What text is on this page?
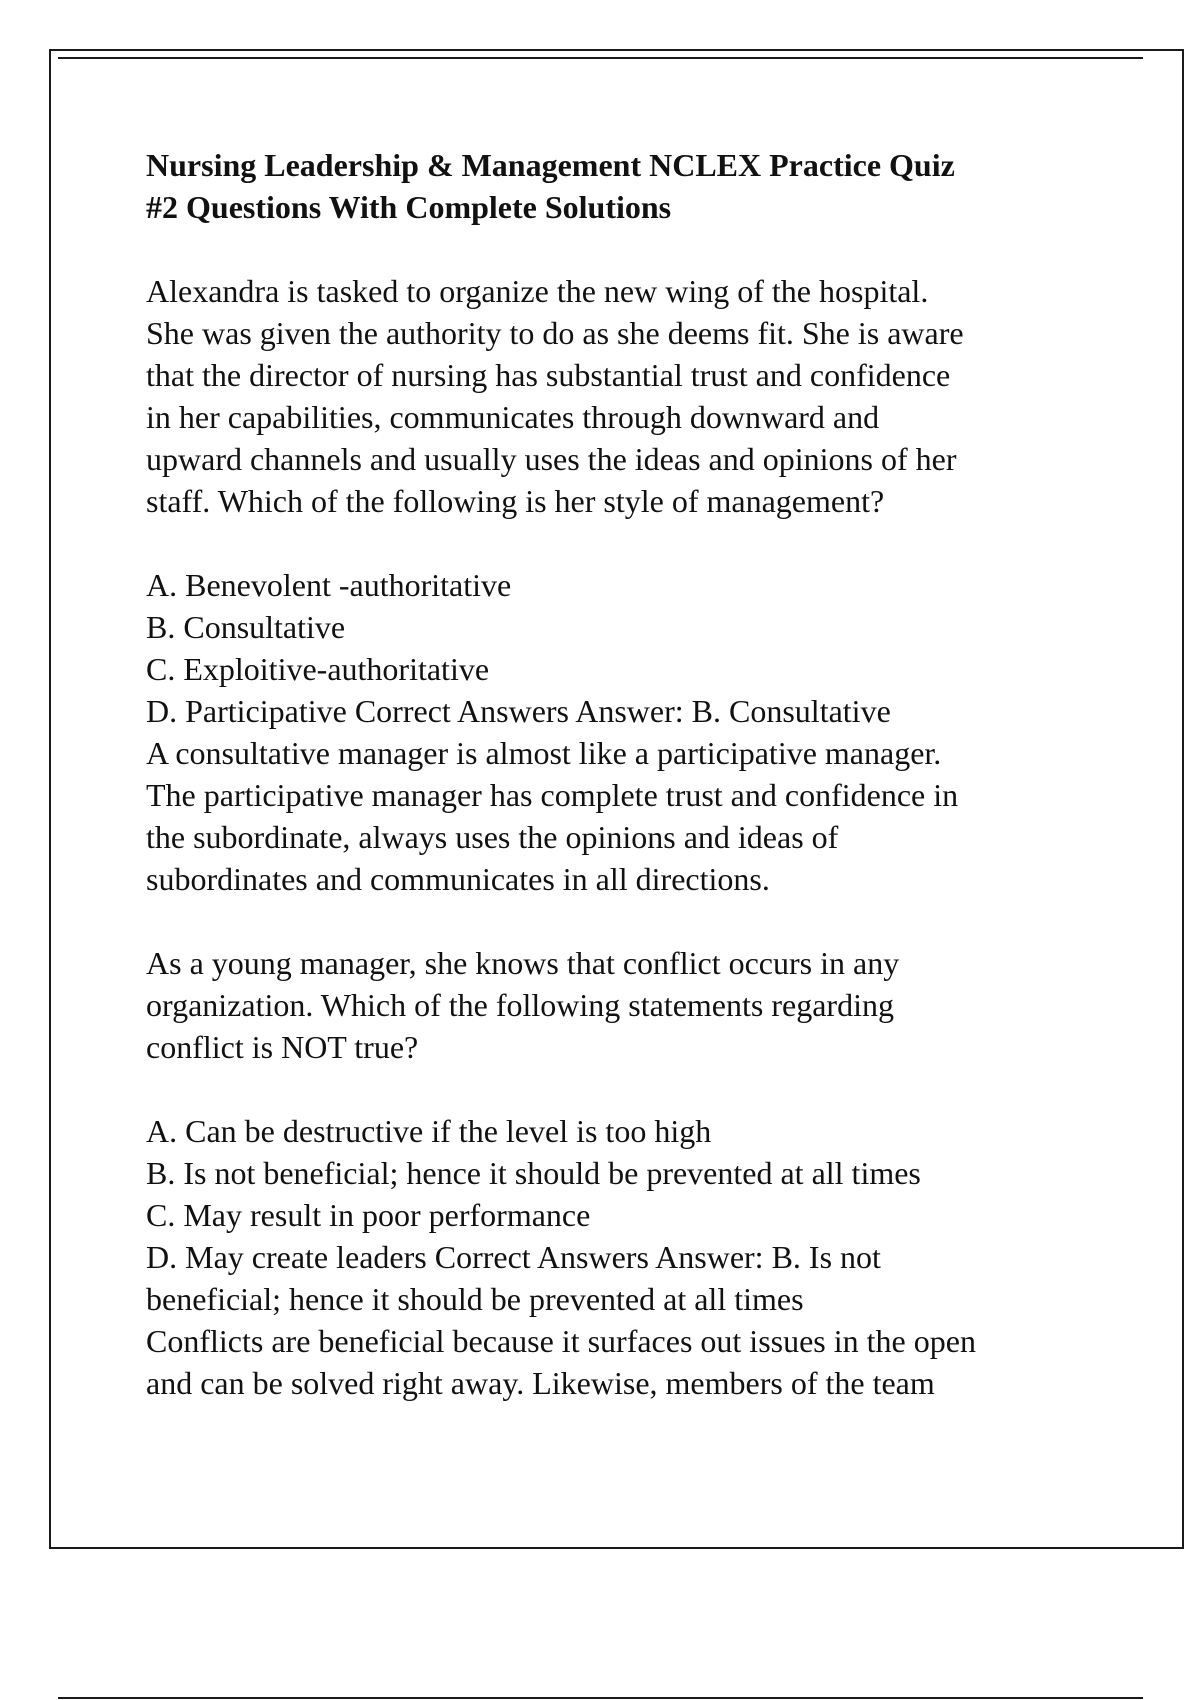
Nursing Leadership & Management NCLEX Practice Quiz
#2 Questions With Complete Solutions
Alexandra is tasked to organize the new wing of the hospital.
She was given the authority to do as she deems fit. She is aware
that the director of nursing has substantial trust and confidence
in her capabilities, communicates through downward and
upward channels and usually uses the ideas and opinions of her
staff. Which of the following is her style of management?
A. Benevolent -authoritative
B. Consultative
C. Exploitive-authoritative
D. Participative Correct Answers Answer: B. Consultative
A consultative manager is almost like a participative manager.
The participative manager has complete trust and confidence in
the subordinate, always uses the opinions and ideas of
subordinates and communicates in all directions.
As a young manager, she knows that conflict occurs in any
organization. Which of the following statements regarding
conflict is NOT true?
A. Can be destructive if the level is too high
B. Is not beneficial; hence it should be prevented at all times
C. May result in poor performance
D. May create leaders Correct Answers Answer: B. Is not
beneficial; hence it should be prevented at all times
Conflicts are beneficial because it surfaces out issues in the open
and can be solved right away. Likewise, members of the team
